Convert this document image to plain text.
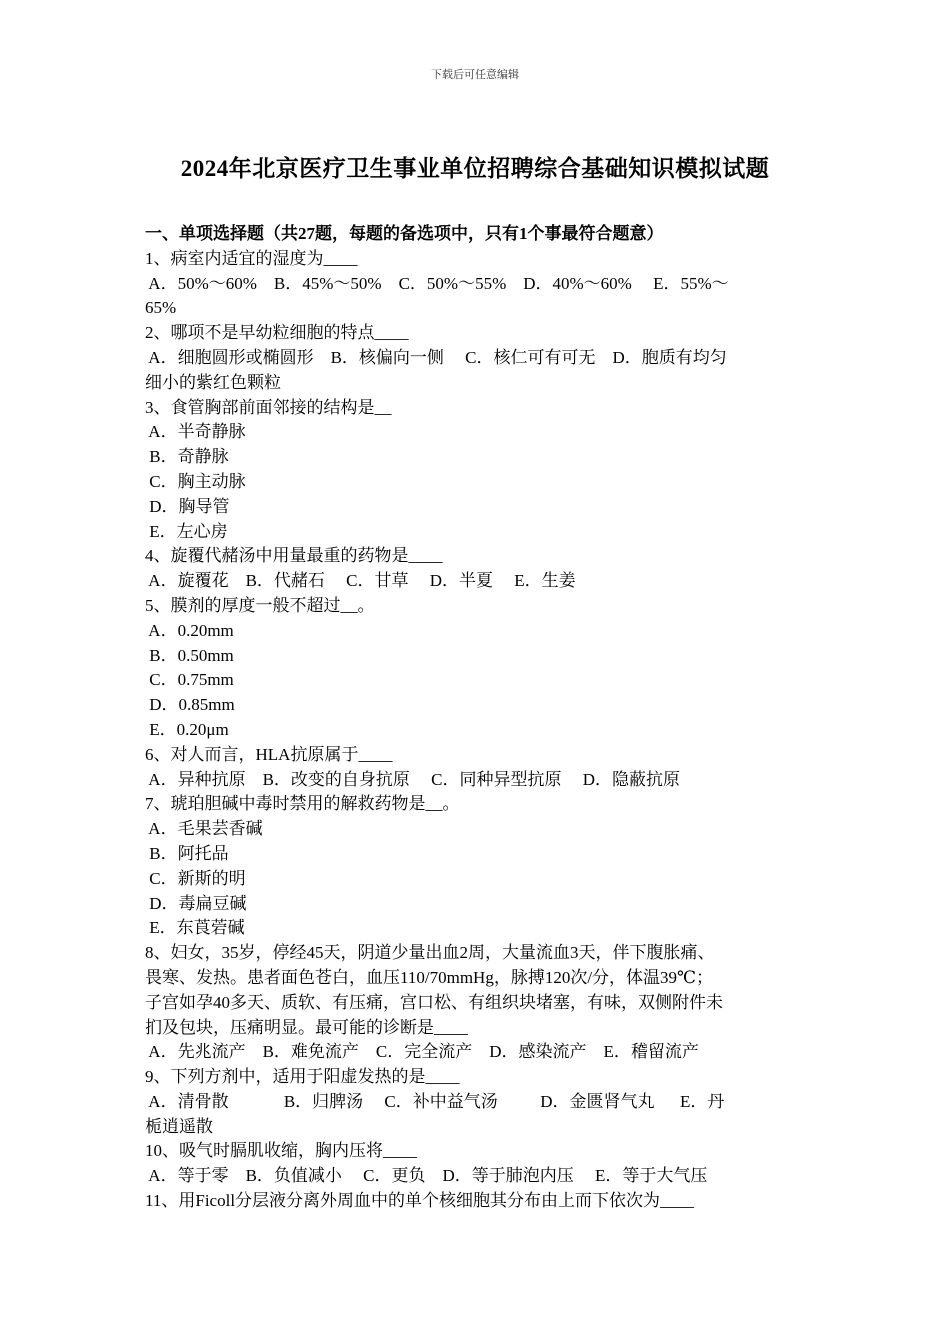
下载后可任意编辑
2024年北京医疗卫生事业单位招聘综合基础知识模拟试题
一、单项选择题（共27题，每题的备选项中，只有1个事最符合题意）
1、病室内适宜的湿度为____
A．50%～60%    B．45%～50%    C．50%～55%    D．40%～60%     E．55%～
65%
2、哪项不是早幼粒细胞的特点____
A．细胞圆形或椭圆形    B．核偏向一侧     C．核仁可有可无    D．胞质有均匀
细小的紫红色颗粒
3、食管胸部前面邻接的结构是__
A．半奇静脉
B．奇静脉
C．胸主动脉
D．胸导管
E．左心房
4、旋覆代赭汤中用量最重的药物是____
A．旋覆花    B．代赭石     C．甘草     D．半夏     E．生姜
5、膜剂的厚度一般不超过__。
A．0.20mm
B．0.50mm
C．0.75mm
D．0.85mm
E．0.20μm
6、对人而言，HLA抗原属于____
A．异种抗原    B．改变的自身抗原     C．同种异型抗原     D．隐蔽抗原
7、琥珀胆碱中毒时禁用的解救药物是__。
A．毛果芸香碱
B．阿托品
C．新斯的明
D．毒扁豆碱
E．东莨菪碱
8、妇女，35岁，停经45天，阴道少量出血2周，大量流血3天，伴下腹胀痛、
畏寒、发热。患者面色苍白，血压110/70mmHg，脉搏120次/分，体温39℃；
子宫如孕40多天、质软、有压痛，宫口松、有组织块堵塞，有味，双侧附件未
扪及包块，压痛明显。最可能的诊断是____
A．先兆流产    B．难免流产    C．完全流产    D．感染流产    E．稽留流产
9、下列方剂中，适用于阳虚发热的是____
A．清骨散             B．归脾汤     C．补中益气汤          D．金匮肾气丸      E．丹
栀逍遥散
10、吸气时膈肌收缩，胸内压将____
A．等于零    B．负值减小     C．更负    D．等于肺泡内压     E．等于大气压
11、用Ficoll分层液分离外周血中的单个核细胞其分布由上而下依次为____
